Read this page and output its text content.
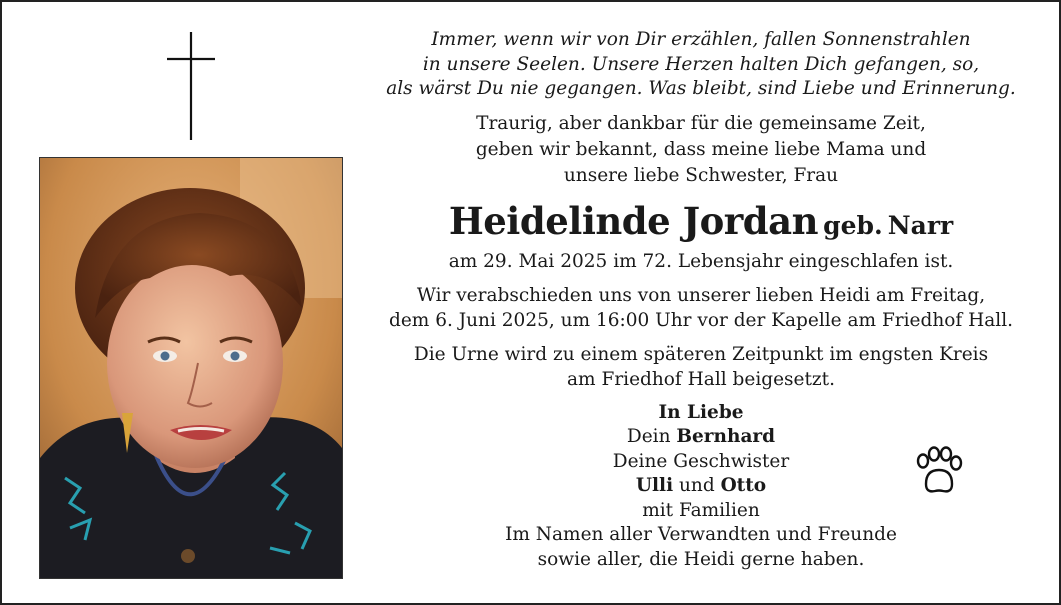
Immer, wenn wir von Dir erzählen, fallen Sonnenstrahlen
in unsere Seelen. Unsere Herzen halten Dich gefangen, so,
als wärst Du nie gegangen. Was bleibt, sind Liebe und Erinnerung.

Traurig, aber dankbar für die gemeinsame Zeit,
geben wir bekannt, dass meine liebe Mama und
unsere liebe Schwester, Frau

Heidelinde Jordan geb. Narr

am 29. Mai 2025 im 72. Lebensjahr eingeschlafen ist.

Wir verabschieden uns von unserer lieben Heidi am Freitag,
dem 6. Juni 2025, um 16:00 Uhr vor der Kapelle am Friedhof Hall.

Die Urne wird zu einem späteren Zeitpunkt im engsten Kreis
am Friedhof Hall beigesetzt.

In Liebe
Dein Bernhard
Deine Geschwister
Ulli und Otto
mit Familien
Im Namen aller Verwandten und Freunde
sowie aller, die Heidi gerne haben.
